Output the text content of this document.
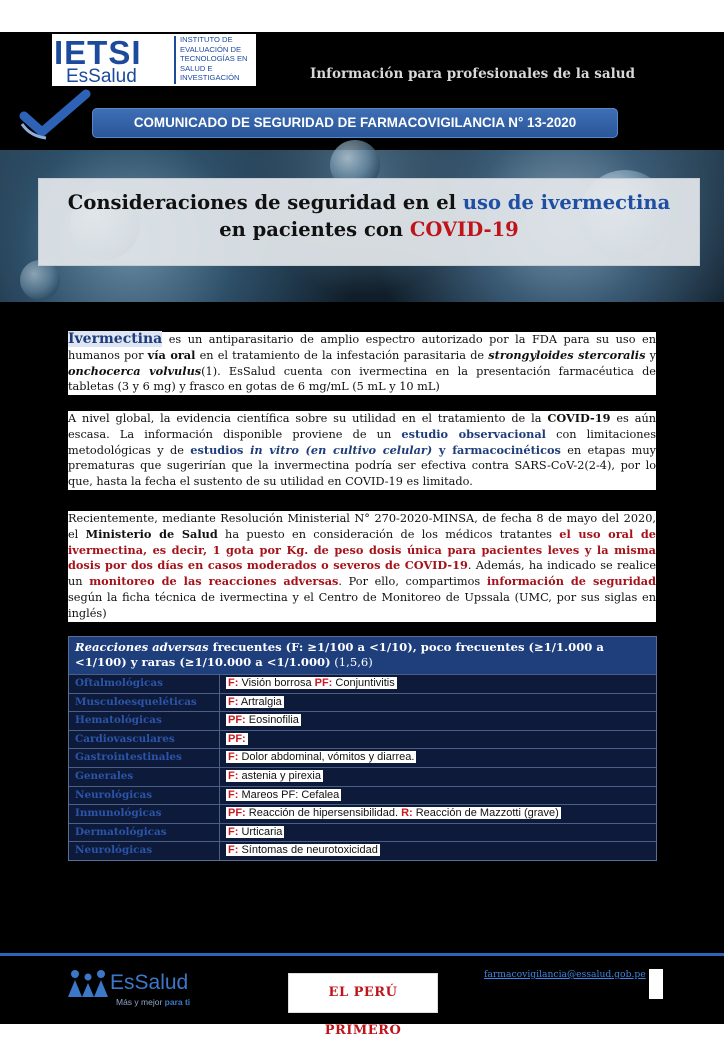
IETSI
EsSalud
INSTITUTO DE
EVALUACIÓN DE
TECNOLOGÍAS EN
SALUD E
INVESTIGACIÓN	Información para profesionales de la salud
COMUNICADO DE SEGURIDAD DE FARMACOVIGILANCIA N° 13-2020
Consideraciones de seguridad en el uso de ivermectina
en pacientes con COVID-19
Ivermectina es un antiparasitario de amplio espectro autorizado por la FDA para su uso en humanos por vía oral en el tratamiento de la infestación parasitaria de strongyloides stercoralis y onchocerca volvulus(1). EsSalud cuenta con ivermectina en la presentación farmacéutica de tabletas (3 y 6 mg) y frasco en gotas de 6 mg/mL (5 mL y 10 mL)
A nivel global, la evidencia científica sobre su utilidad en el tratamiento de la COVID-19 es aún escasa. La información disponible proviene de un estudio observacional con limitaciones metodológicas y de estudios in vitro (en cultivo celular) y farmacocinéticos en etapas muy prematuras que sugerirían que la invermectina podría ser efectiva contra SARS-CoV-2(2-4), por lo que, hasta la fecha el sustento de su utilidad en COVID-19 es limitado.
Recientemente, mediante Resolución Ministerial N° 270-2020-MINSA, de fecha 8 de mayo del 2020, el Ministerio de Salud ha puesto en consideración de los médicos tratantes el uso oral de ivermectina, es decir, 1 gota por Kg. de peso dosis única para pacientes leves y la misma dosis por dos días en casos moderados o severos de COVID-19. Además, ha indicado se realice un monitoreo de las reacciones adversas. Por ello, compartimos información de seguridad según la ficha técnica de ivermectina y el Centro de Monitoreo de Upssala (UMC, por sus siglas en inglés)
Reacciones adversas frecuentes (F: ≥1/100 a <1/10), poco frecuentes (≥1/1.000 a <1/100) y raras (≥1/10.000 a <1/1.000) (1,5,6)
Oftalmológicas	F: Visión borrosa PF: Conjuntivitis
Musculoesqueléticas	F: Artralgia
Hematológicas	PF: Eosinofilia
Cardiovasculares	PF:
Gastrointestinales	F: Dolor abdominal, vómitos y diarrea.
Generales	F: astenia y pirexia
Neurológicas	F: Mareos PF: Cefalea
Inmunológicas	PF: Reacción de hipersensibilidad. R: Reacción de Mazzotti (grave)
Dermatológicas	F: Urticaria
Neurológicas	F: Síntomas de neurotoxicidad
EsSalud
Más y mejor para ti
EL PERÚ PRIMERO
farmacovigilancia@essalud.gob.pe
